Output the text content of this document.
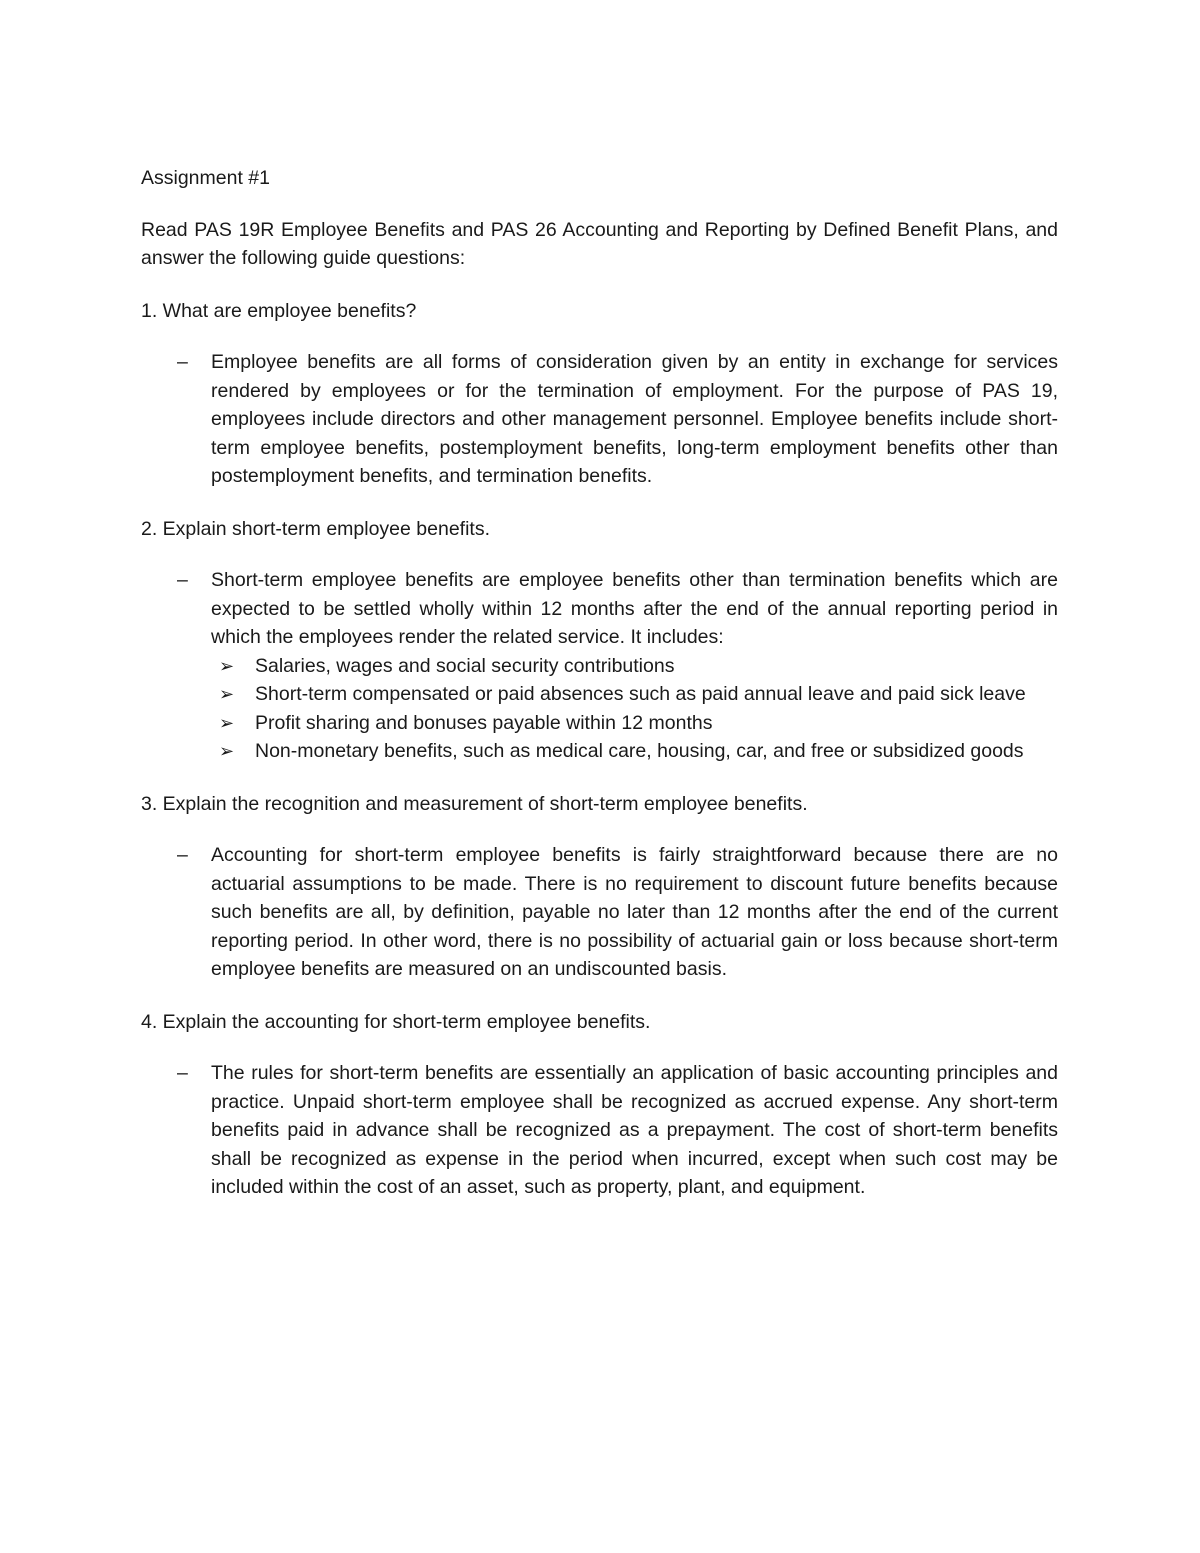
Assignment #1
Read PAS 19R Employee Benefits and PAS 26 Accounting and Reporting by Defined Benefit Plans, and answer the following guide questions:
1. What are employee benefits?
– Employee benefits are all forms of consideration given by an entity in exchange for services rendered by employees or for the termination of employment. For the purpose of PAS 19, employees include directors and other management personnel. Employee benefits include short-term employee benefits, postemployment benefits, long-term employment benefits other than postemployment benefits, and termination benefits.
2. Explain short-term employee benefits.
– Short-term employee benefits are employee benefits other than termination benefits which are expected to be settled wholly within 12 months after the end of the annual reporting period in which the employees render the related service. It includes:
➢ Salaries, wages and social security contributions
➢ Short-term compensated or paid absences such as paid annual leave and paid sick leave
➢ Profit sharing and bonuses payable within 12 months
➢ Non-monetary benefits, such as medical care, housing, car, and free or subsidized goods
3. Explain the recognition and measurement of short-term employee benefits.
– Accounting for short-term employee benefits is fairly straightforward because there are no actuarial assumptions to be made. There is no requirement to discount future benefits because such benefits are all, by definition, payable no later than 12 months after the end of the current reporting period. In other word, there is no possibility of actuarial gain or loss because short-term employee benefits are measured on an undiscounted basis.
4. Explain the accounting for short-term employee benefits.
– The rules for short-term benefits are essentially an application of basic accounting principles and practice. Unpaid short-term employee shall be recognized as accrued expense. Any short-term benefits paid in advance shall be recognized as a prepayment. The cost of short-term benefits shall be recognized as expense in the period when incurred, except when such cost may be included within the cost of an asset, such as property, plant, and equipment.
